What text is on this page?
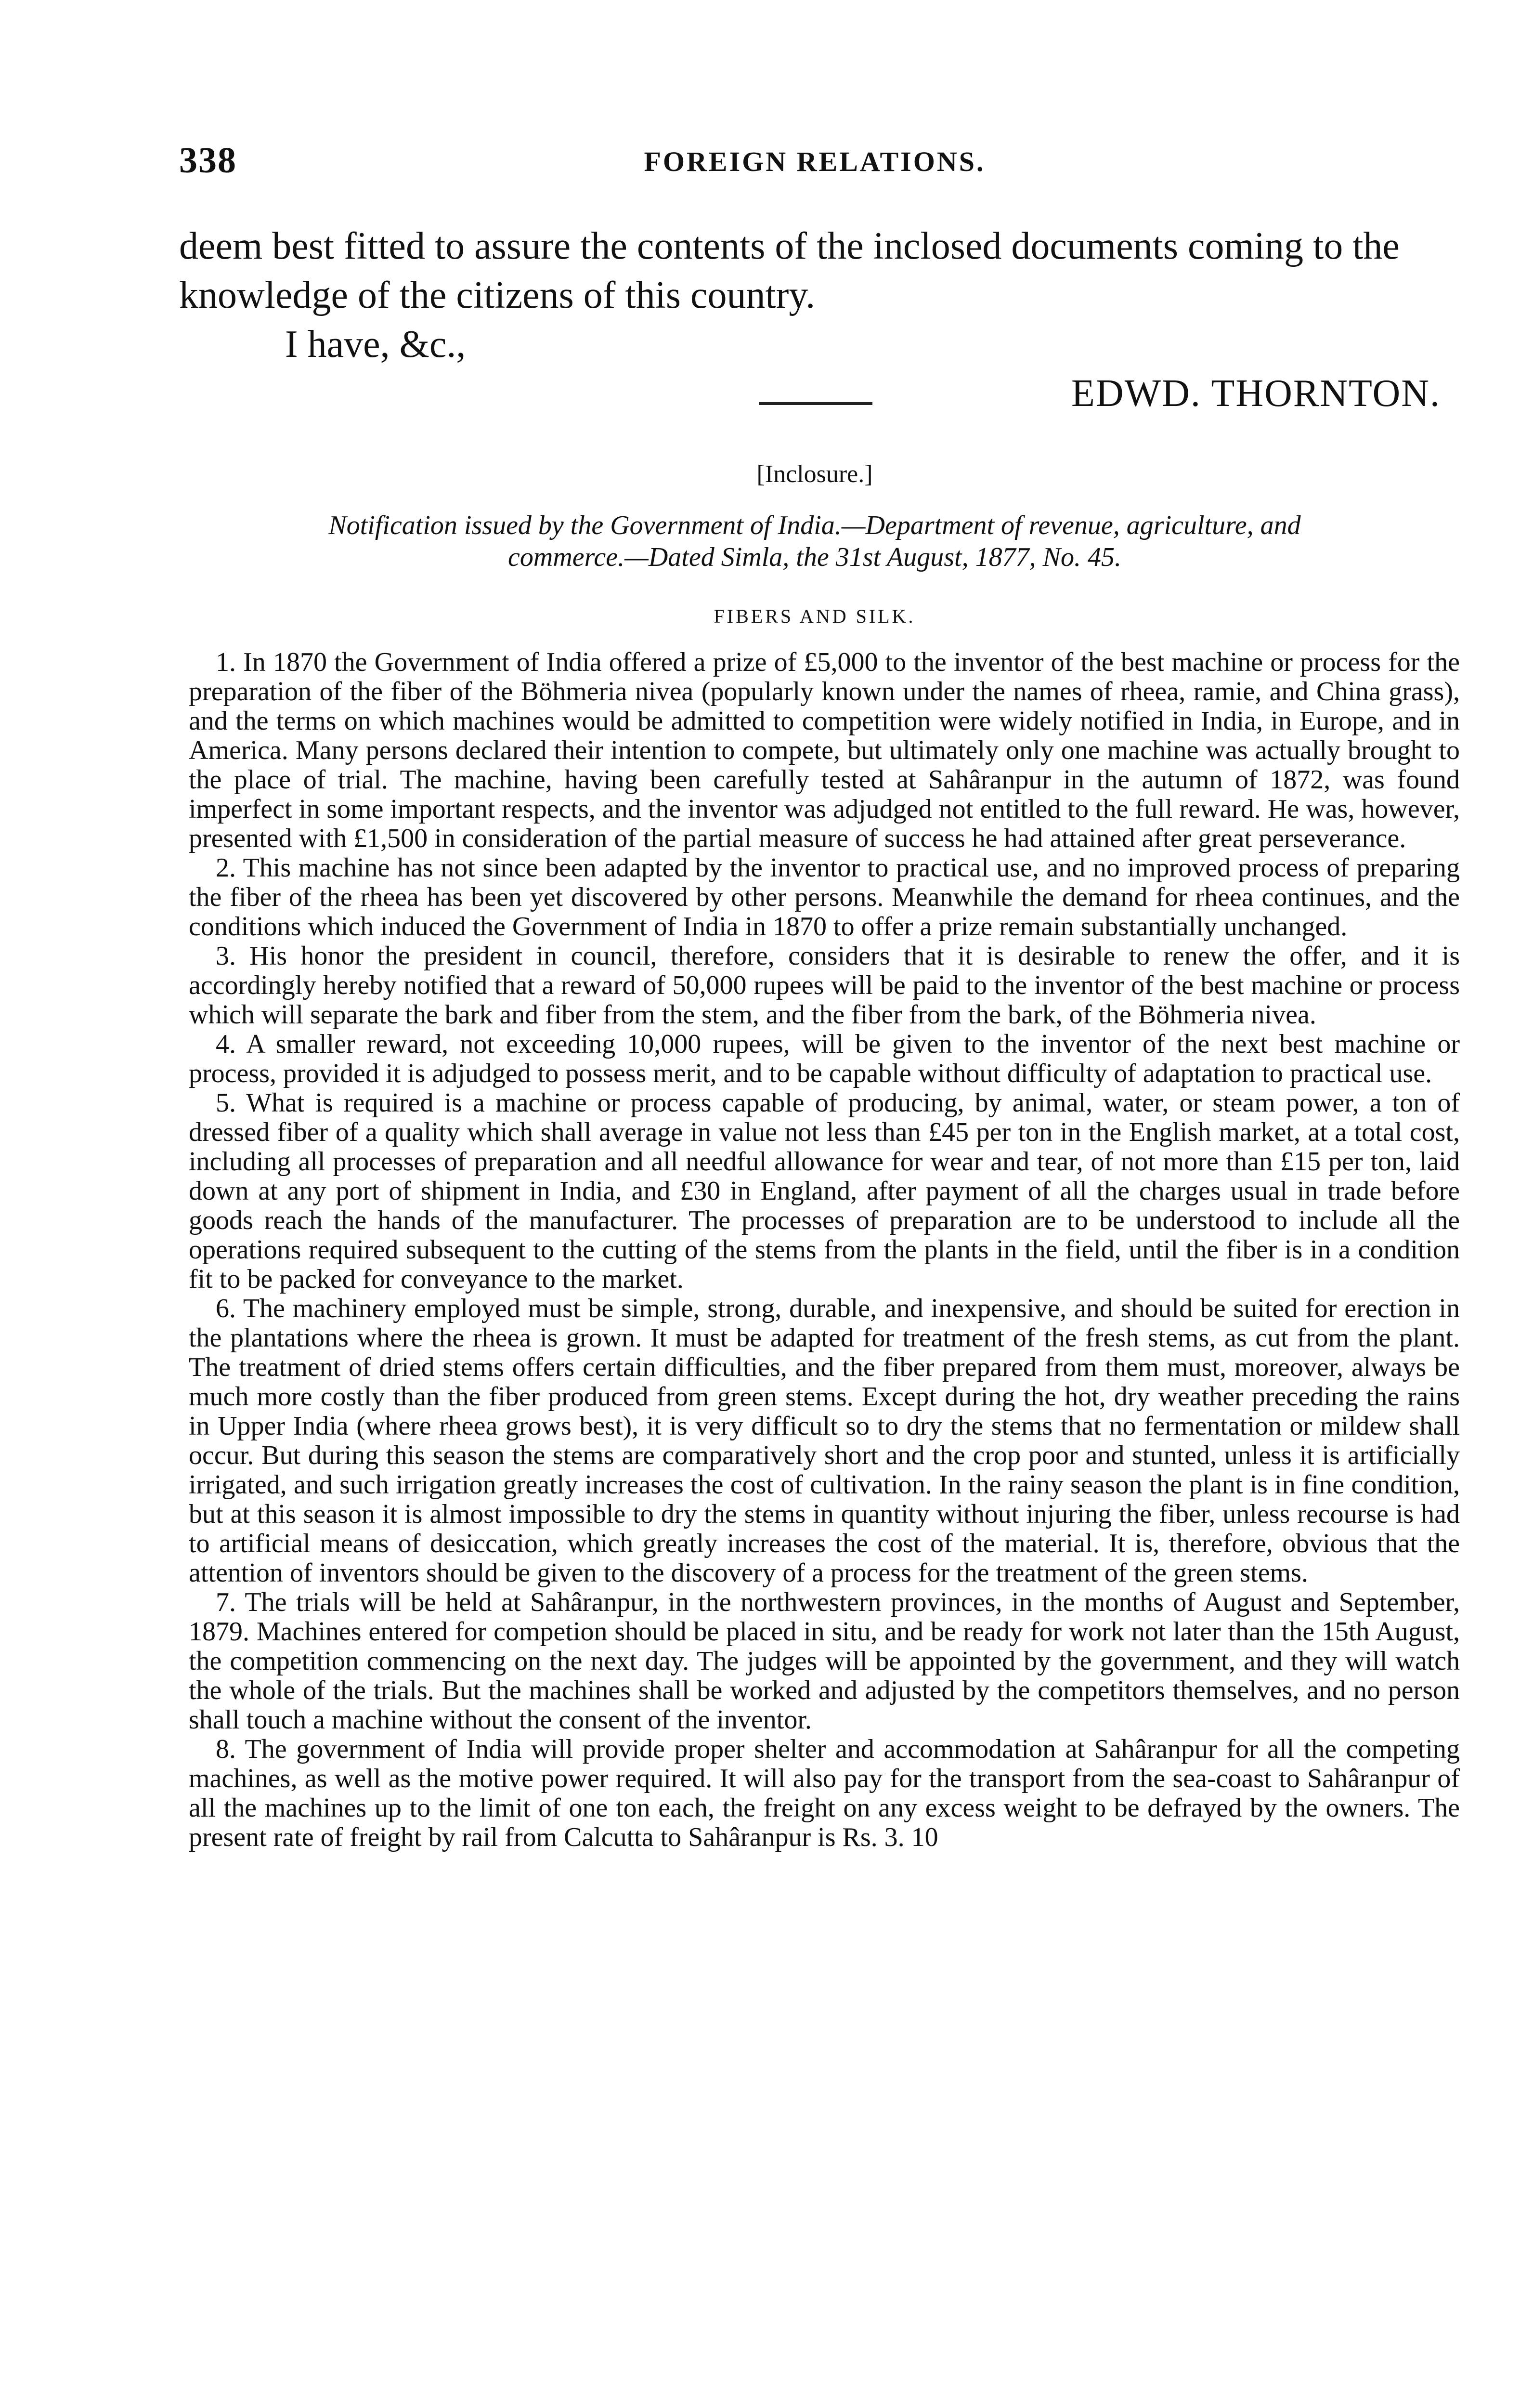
338	FOREIGN RELATIONS.

deem best fitted to assure the contents of the inclosed documents coming to the knowledge of the citizens of this country.

I have, &c.,

EDWD. THORNTON.

[Inclosure.]

Notification issued by the Government of India.—Department of revenue, agriculture, and

commerce.—Dated Simla, the 31st August, 1877, No. 45.

FIBERS AND SILK.

1. In 1870 the Government of India offered a prize of £5,000 to the inventor of the best machine or process for the preparation of the fiber of the Böhmeria nivea (popularly known under the names of rheea, ramie, and China grass), and the terms on which machines would be admitted to competition were widely notified in India, in Europe, and in America. Many persons declared their intention to compete, but ultimately only one machine was actually brought to the place of trial. The machine, having been carefully tested at Sahâranpur in the autumn of 1872, was found imperfect in some important respects, and the inventor was adjudged not entitled to the full reward. He was, however, presented with £1,500 in consideration of the partial measure of success he had attained after great perseverance.

2. This machine has not since been adapted by the inventor to practical use, and no improved process of preparing the fiber of the rheea has been yet discovered by other persons. Meanwhile the demand for rheea continues, and the conditions which induced the Government of India in 1870 to offer a prize remain substantially unchanged.

3. His honor the president in council, therefore, considers that it is desirable to renew the offer, and it is accordingly hereby notified that a reward of 50,000 rupees will be paid to the inventor of the best machine or process which will separate the bark and fiber from the stem, and the fiber from the bark, of the Böhmeria nivea.

4. A smaller reward, not exceeding 10,000 rupees, will be given to the inventor of the next best machine or process, provided it is adjudged to possess merit, and to be capable without difficulty of adaptation to practical use.

5. What is required is a machine or process capable of producing, by animal, water, or steam power, a ton of dressed fiber of a quality which shall average in value not less than £45 per ton in the English market, at a total cost, including all processes of preparation and all needful allowance for wear and tear, of not more than £15 per ton, laid down at any port of shipment in India, and £30 in England, after payment of all the charges usual in trade before goods reach the hands of the manufacturer. The processes of preparation are to be understood to include all the operations required subsequent to the cutting of the stems from the plants in the field, until the fiber is in a condition fit to be packed for conveyance to the market.

6. The machinery employed must be simple, strong, durable, and inexpensive, and should be suited for erection in the plantations where the rheea is grown. It must be adapted for treatment of the fresh stems, as cut from the plant. The treatment of dried stems offers certain difficulties, and the fiber prepared from them must, moreover, always be much more costly than the fiber produced from green stems. Except during the hot, dry weather preceding the rains in Upper India (where rheea grows best), it is very difficult so to dry the stems that no fermentation or mildew shall occur. But during this season the stems are comparatively short and the crop poor and stunted, unless it is artificially irrigated, and such irrigation greatly increases the cost of cultivation. In the rainy season the plant is in fine condition, but at this season it is almost impossible to dry the stems in quantity without injuring the fiber, unless recourse is had to artificial means of desiccation, which greatly increases the cost of the material. It is, therefore, obvious that the attention of inventors should be given to the discovery of a process for the treatment of the green stems.

7. The trials will be held at Sahâranpur, in the northwestern provinces, in the months of August and September, 1879. Machines entered for competion should be placed in situ, and be ready for work not later than the 15th August, the competition commencing on the next day. The judges will be appointed by the government, and they will watch the whole of the trials. But the machines shall be worked and adjusted by the competitors themselves, and no person shall touch a machine without the consent of the inventor.

8. The government of India will provide proper shelter and accommodation at Sahâranpur for all the competing machines, as well as the motive power required. It will also pay for the transport from the sea-coast to Sahâranpur of all the machines up to the limit of one ton each, the freight on any excess weight to be defrayed by the owners. The present rate of freight by rail from Calcutta to Sahâranpur is Rs. 3. 10
